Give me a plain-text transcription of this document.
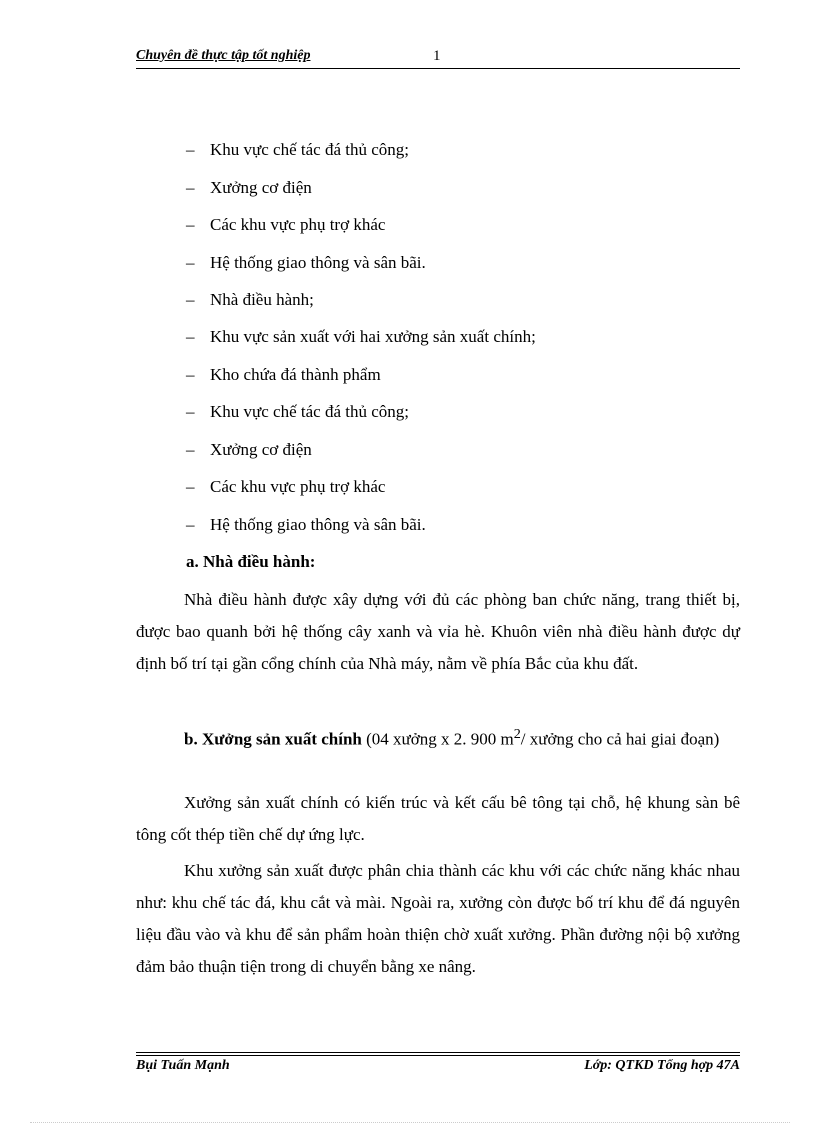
Chuyên đề thực tập tốt nghiệp	1
– Khu vực chế tác đá thủ công;
– Xưởng cơ điện
– Các khu vực phụ trợ khác
– Hệ thống giao thông và sân bãi.
– Nhà điều hành;
– Khu vực sản xuất với hai xưởng sản xuất chính;
– Kho chứa đá thành phẩm
– Khu vực chế tác đá thủ công;
– Xưởng cơ điện
– Các khu vực phụ trợ khác
– Hệ thống giao thông và sân bãi.
a. Nhà điều hành:
Nhà điều hành được xây dựng với đủ các phòng ban chức năng, trang thiết bị, được bao quanh bởi hệ thống cây xanh và vỉa hè. Khuôn viên nhà điều hành được dự định bố trí tại gần cổng chính của Nhà máy, nằm về phía Bắc của khu đất.
b. Xưởng sản xuất chính (04 xưởng x 2. 900 $m^2/$ xưởng cho cả hai giai đoạn)
Xưởng sản xuất chính có kiến trúc và kết cấu bê tông tại chỗ, hệ khung sàn bê tông cốt thép tiền chế dự ứng lực.
Khu xưởng sản xuất được phân chia thành các khu với các chức năng khác nhau như: khu chế tác đá, khu cắt và mài. Ngoài ra, xưởng còn được bố trí khu để đá nguyên liệu đầu vào và khu để sản phẩm hoàn thiện chờ xuất xưởng. Phần đường nội bộ xưởng đảm bảo thuận tiện trong di chuyển bằng xe nâng.
Bụi Tuấn Mạnh	Lớp: QTKD Tổng hợp 47A
